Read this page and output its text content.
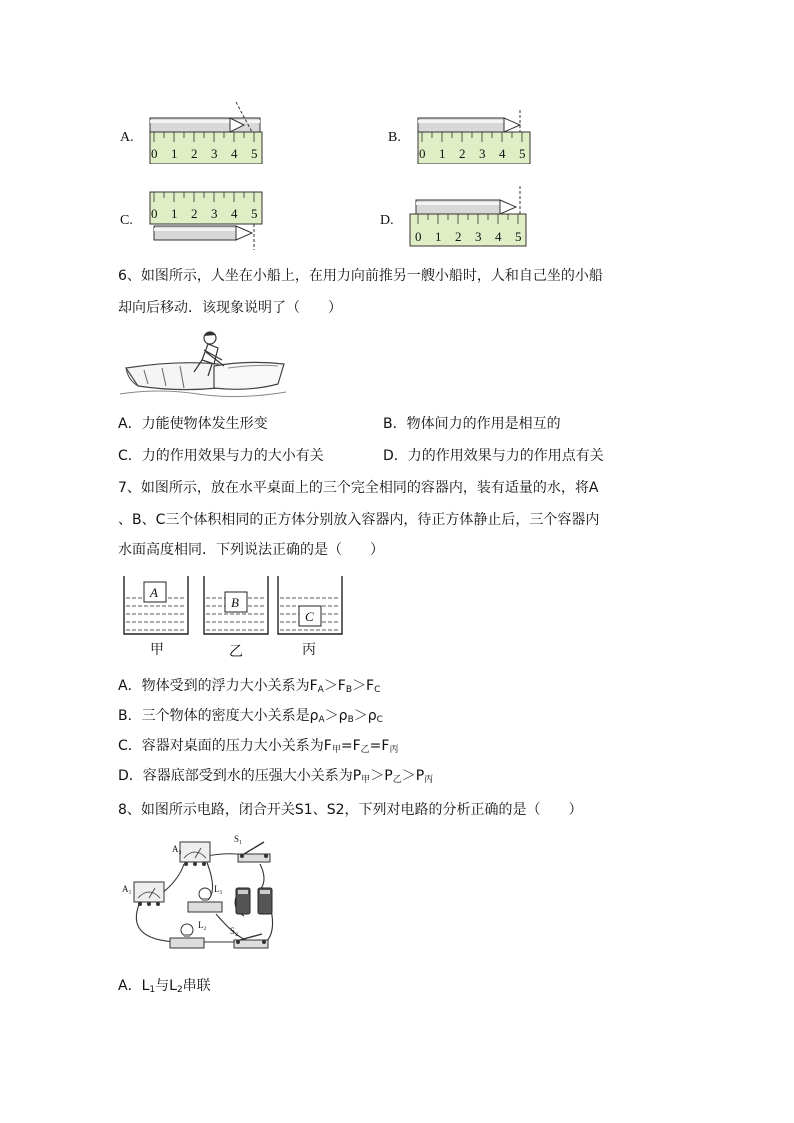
A.
0 1 2 3 4 5
B.
0 1 2 3 4 5
C. 0 1 2 3 4 5	D.
0 1 2 3 4 5
6、如图所示，人坐在小船上，在用力向前推另一艘小船时，人和自己坐的小船
却向后移动．该现象说明了（　　）
A．力能使物体发生形变	B．物体间力的作用是相互的
C．力的作用效果与力的大小有关	D．力的作用效果与力的作用点有关
7、如图所示，放在水平桌面上的三个完全相同的容器内，装有适量的水，将A
、B、C三个体积相同的正方体分别放入容器内，待正方体静止后，三个容器内
水面高度相同．下列说法正确的是（　　）
A
B
C
甲	乙	丙
A．物体受到的浮力大小关系为$F_A>F_B>F_C$
B．三个物体的密度大小关系是$\rho_A>\rho_B>\rho_C$
C．容器对桌面的压力大小关系为$F_甲=F_乙=F_丙$
D．容器底部受到水的压强大小关系为$P_甲>P_乙>P_丙$
8、如图所示电路，闭合开关S1、S2，下列对电路的分析正确的是（　　）
A₂
A₁
S₁
L₁
L₂
S₂
A．$L_1$与$L_2$串联
